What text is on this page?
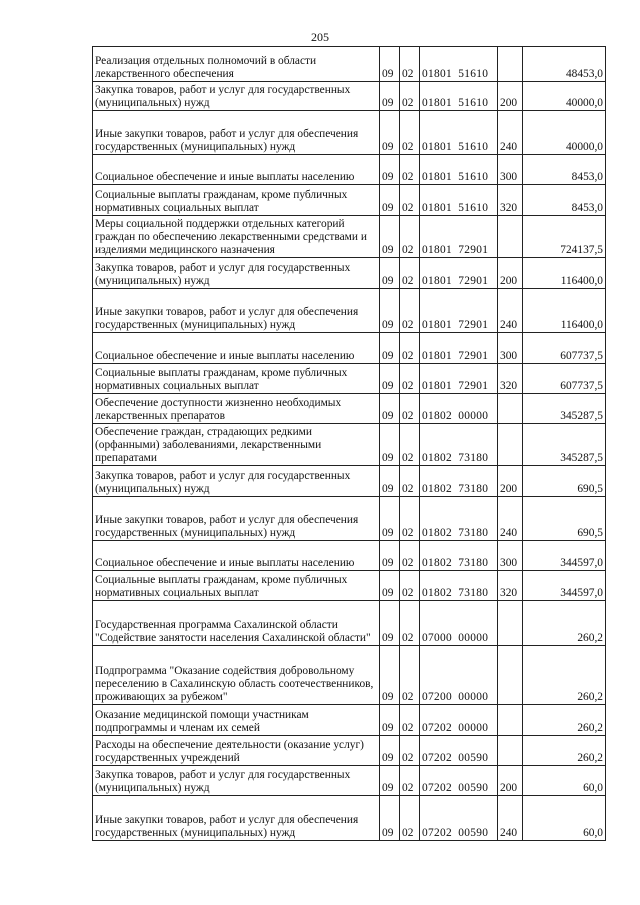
205
Реализация отдельных полномочий в области лекарственного обеспечения	09	02	01801  51610		48453,0
Закупка товаров, работ и услуг для государственных (муниципальных) нужд	09	02	01801  51610	200	40000,0
Иные закупки товаров, работ и услуг для обеспечения государственных (муниципальных) нужд	09	02	01801  51610	240	40000,0
Социальное обеспечение и иные выплаты населению	09	02	01801  51610	300	8453,0
Социальные выплаты гражданам, кроме публичных нормативных социальных выплат	09	02	01801  51610	320	8453,0
Меры социальной поддержки отдельных категорий граждан по обеспечению лекарственными средствами и изделиями медицинского назначения	09	02	01801  72901		724137,5
Закупка товаров, работ и услуг для государственных (муниципальных) нужд	09	02	01801  72901	200	116400,0
Иные закупки товаров, работ и услуг для обеспечения государственных (муниципальных) нужд	09	02	01801  72901	240	116400,0
Социальное обеспечение и иные выплаты населению	09	02	01801  72901	300	607737,5
Социальные выплаты гражданам, кроме публичных нормативных социальных выплат	09	02	01801  72901	320	607737,5
Обеспечение доступности жизненно необходимых лекарственных препаратов	09	02	01802  00000		345287,5
Обеспечение граждан, страдающих редкими (орфанными) заболеваниями, лекарственными препаратами	09	02	01802  73180		345287,5
Закупка товаров, работ и услуг для государственных (муниципальных) нужд	09	02	01802  73180	200	690,5
Иные закупки товаров, работ и услуг для обеспечения государственных (муниципальных) нужд	09	02	01802  73180	240	690,5
Социальное обеспечение и иные выплаты населению	09	02	01802  73180	300	344597,0
Социальные выплаты гражданам, кроме публичных нормативных социальных выплат	09	02	01802  73180	320	344597,0
Государственная программа Сахалинской области "Содействие занятости населения Сахалинской области"	09	02	07000  00000		260,2
Подпрограмма "Оказание содействия добровольному переселению в Сахалинскую область соотечественников, проживающих за рубежом"	09	02	07200  00000		260,2
Оказание медицинской помощи участникам подпрограммы и членам их семей	09	02	07202  00000		260,2
Расходы на обеспечение деятельности (оказание услуг) государственных учреждений	09	02	07202  00590		260,2
Закупка товаров, работ и услуг для государственных (муниципальных) нужд	09	02	07202  00590	200	60,0
Иные закупки товаров, работ и услуг для обеспечения государственных (муниципальных) нужд	09	02	07202  00590	240	60,0
